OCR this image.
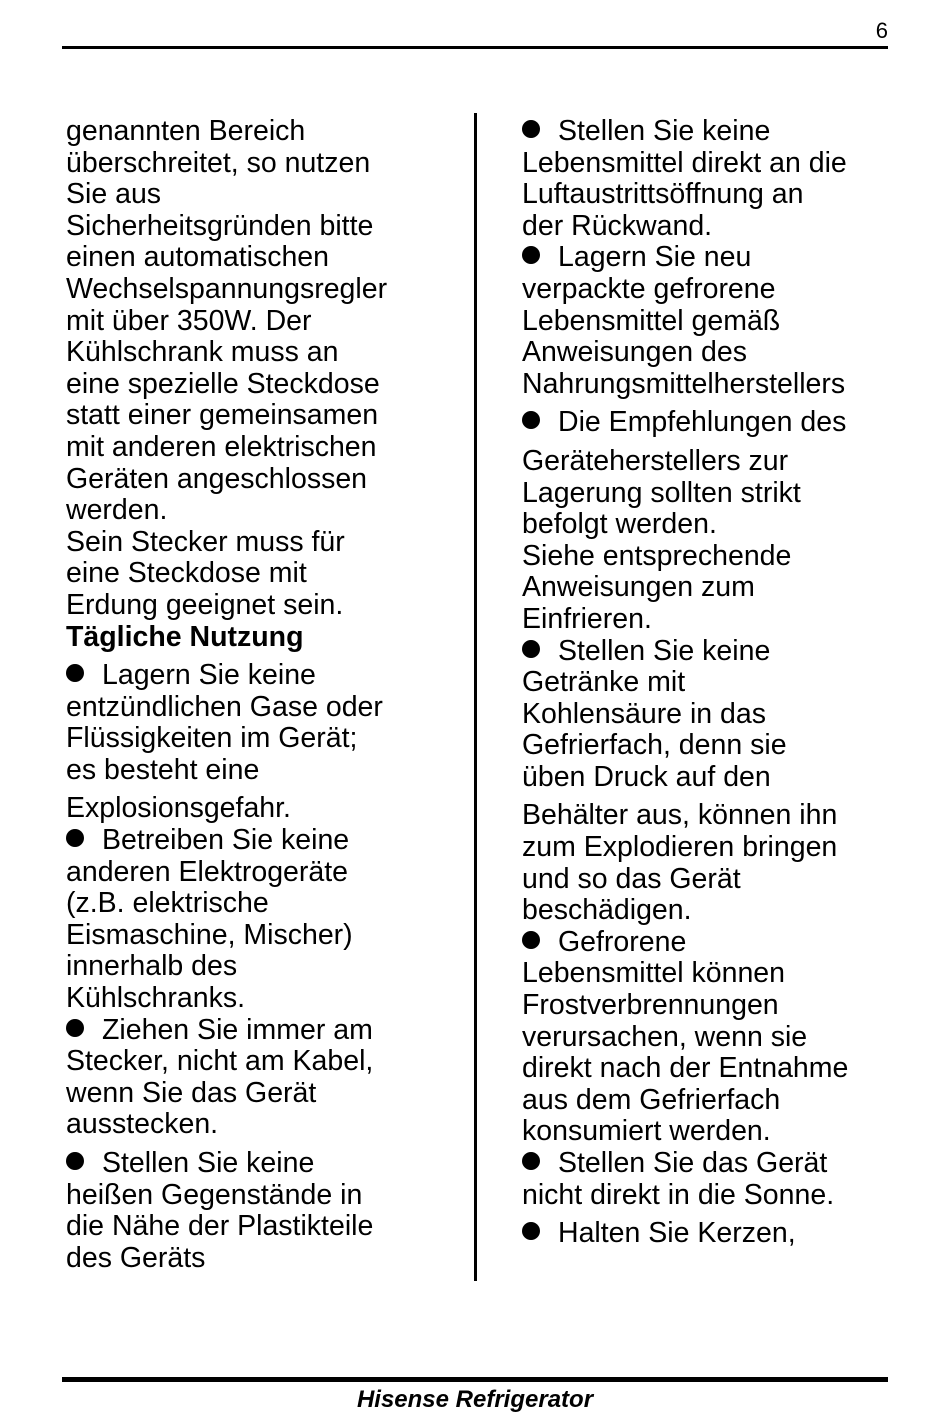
6
genannten Bereich
überschreitet, so nutzen
Sie aus
Sicherheitsgründen bitte
einen automatischen
Wechselspannungsregler
mit über 350W. Der
Kühlschrank muss an
eine spezielle Steckdose
statt einer gemeinsamen
mit anderen elektrischen
Geräten angeschlossen
werden.
Sein Stecker muss für
eine Steckdose mit
Erdung geeignet sein.
Tägliche Nutzung
Lagern Sie keine
entzündlichen Gase oder
Flüssigkeiten im Gerät;
es besteht eine
Explosionsgefahr.
Betreiben Sie keine
anderen Elektrogeräte
(z.B. elektrische
Eismaschine, Mischer)
innerhalb des
Kühlschranks.
Ziehen Sie immer am
Stecker, nicht am Kabel,
wenn Sie das Gerät
ausstecken.
Stellen Sie keine
heißen Gegenstände in
die Nähe der Plastikteile
des Geräts
Stellen Sie keine
Lebensmittel direkt an die
Luftaustrittsöffnung an
der Rückwand.
Lagern Sie neu
verpackte gefrorene
Lebensmittel gemäß
Anweisungen des
Nahrungsmittelherstellers
Die Empfehlungen des
Geräteherstellers zur
Lagerung sollten strikt
befolgt werden.
Siehe entsprechende
Anweisungen zum
Einfrieren.
Stellen Sie keine
Getränke mit
Kohlensäure in das
Gefrierfach, denn sie
üben Druck auf den
Behälter aus, können ihn
zum Explodieren bringen
und so das Gerät
beschädigen.
Gefrorene
Lebensmittel können
Frostverbrennungen
verursachen, wenn sie
direkt nach der Entnahme
aus dem Gefrierfach
konsumiert werden.
Stellen Sie das Gerät
nicht direkt in die Sonne.
Halten Sie Kerzen,
Hisense Refrigerator
